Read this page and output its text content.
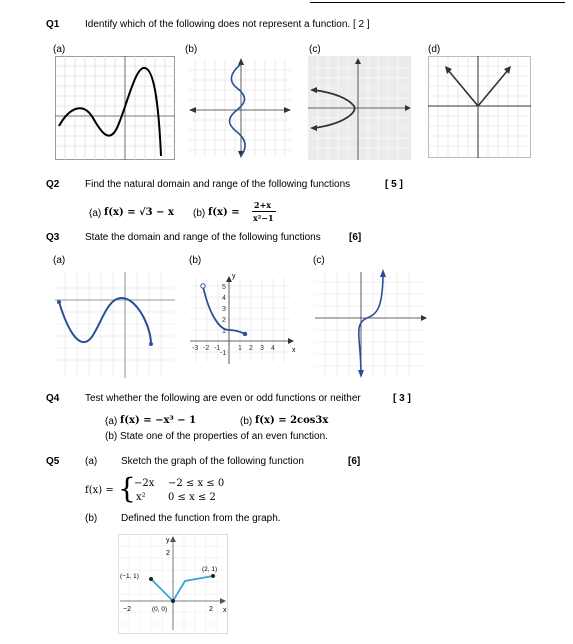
Q1	Identify which of the following does not represent a function. [ 2 ]
(a)	(b)	(c)	(d)
Q2	Find the natural domain and range of the following functions	[ 5 ]
(a) f(x) = √3 − x (b) f(x) =
2+x
x²−1
Q3	State the domain and range of the following functions	[6]
(a)	(b)	(c)
y
x
5
4
3
2
1
-1
-3 -2 -1	1 2 3 4
Q4	Test whether the following are even or odd functions or neither	[ 3 ]
(a) f(x) = −x³ − 1	(b) f(x) = 2cos3x
(b) State one of the properties of an even function.
Q5	(a) Sketch the graph of the following function	[6]
f(x) = {
−2x −2 ≤ x ≤ 0
x² 0 ≤ x ≤ 2
(b) Defined the function from the graph.
y
x
2
−2	2
(−1, 1)
(2, 1)
(0, 0)
